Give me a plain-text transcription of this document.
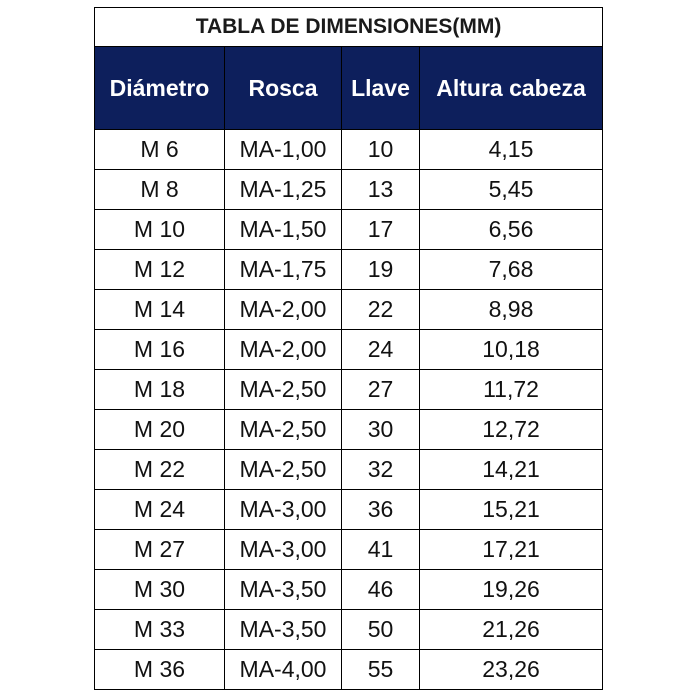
TABLA DE DIMENSIONES(MM)			
Diámetro	Rosca	Llave	Altura cabeza
M 6	MA-1,00	10	4,15
M 8	MA-1,25	13	5,45
M 10	MA-1,50	17	6,56
M 12	MA-1,75	19	7,68
M 14	MA-2,00	22	8,98
M 16	MA-2,00	24	10,18
M 18	MA-2,50	27	11,72
M 20	MA-2,50	30	12,72
M 22	MA-2,50	32	14,21
M 24	MA-3,00	36	15,21
M 27	MA-3,00	41	17,21
M 30	MA-3,50	46	19,26
M 33	MA-3,50	50	21,26
M 36	MA-4,00	55	23,26
